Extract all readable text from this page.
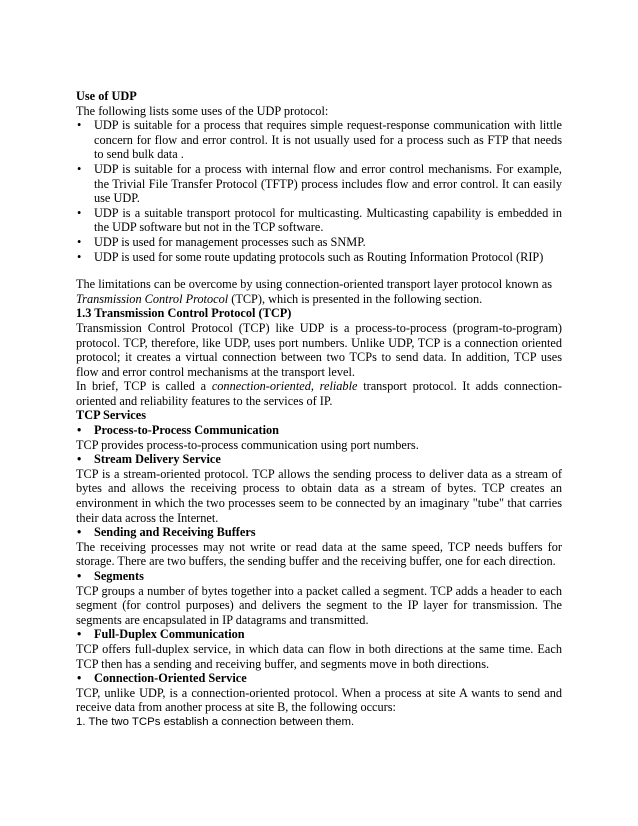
Use of UDP

The following lists some uses of the UDP protocol:

• UDP is suitable for a process that requires simple request-response communication with little concern for flow and error control. It is not usually used for a process such as FTP that needs to send bulk data .
• UDP is suitable for a process with internal flow and error control mechanisms. For example, the Trivial File Transfer Protocol (TFTP) process includes flow and error control. It can easily use UDP.
• UDP is a suitable transport protocol for multicasting. Multicasting capability is embedded in the UDP software but not in the TCP software.
• UDP is used for management processes such as SNMP.
• UDP is used for some route updating protocols such as Routing Information Protocol (RIP)

The limitations can be overcome by using connection-oriented transport layer protocol known as Transmission Control Protocol (TCP), which is presented in the following section.

1.3 Transmission Control Protocol (TCP)

Transmission Control Protocol (TCP) like UDP is a process-to-process (program-to-program) protocol. TCP, therefore, like UDP, uses port numbers. Unlike UDP, TCP is a connection oriented protocol; it creates a virtual connection between two TCPs to send data. In addition, TCP uses flow and error control mechanisms at the transport level.

In brief, TCP is called a connection-oriented, reliable transport protocol. It adds connection-oriented and reliability features to the services of IP.

TCP Services

• Process-to-Process Communication

TCP provides process-to-process communication using port numbers.

• Stream Delivery Service

TCP is a stream-oriented protocol. TCP allows the sending process to deliver data as a stream of bytes and allows the receiving process to obtain data as a stream of bytes. TCP creates an environment in which the two processes seem to be connected by an imaginary "tube" that carries their data across the Internet.

• Sending and Receiving Buffers

The receiving processes may not write or read data at the same speed, TCP needs buffers for storage. There are two buffers, the sending buffer and the receiving buffer, one for each direction.

• Segments

TCP groups a number of bytes together into a packet called a segment. TCP adds a header to each segment (for control purposes) and delivers the segment to the IP layer for transmission. The segments are encapsulated in IP datagrams and transmitted.

• Full-Duplex Communication

TCP offers full-duplex service, in which data can flow in both directions at the same time. Each TCP then has a sending and receiving buffer, and segments move in both directions.

• Connection-Oriented Service

TCP, unlike UDP, is a connection-oriented protocol. When a process at site A wants to send and receive data from another process at site B, the following occurs:

1. The two TCPs establish a connection between them.
